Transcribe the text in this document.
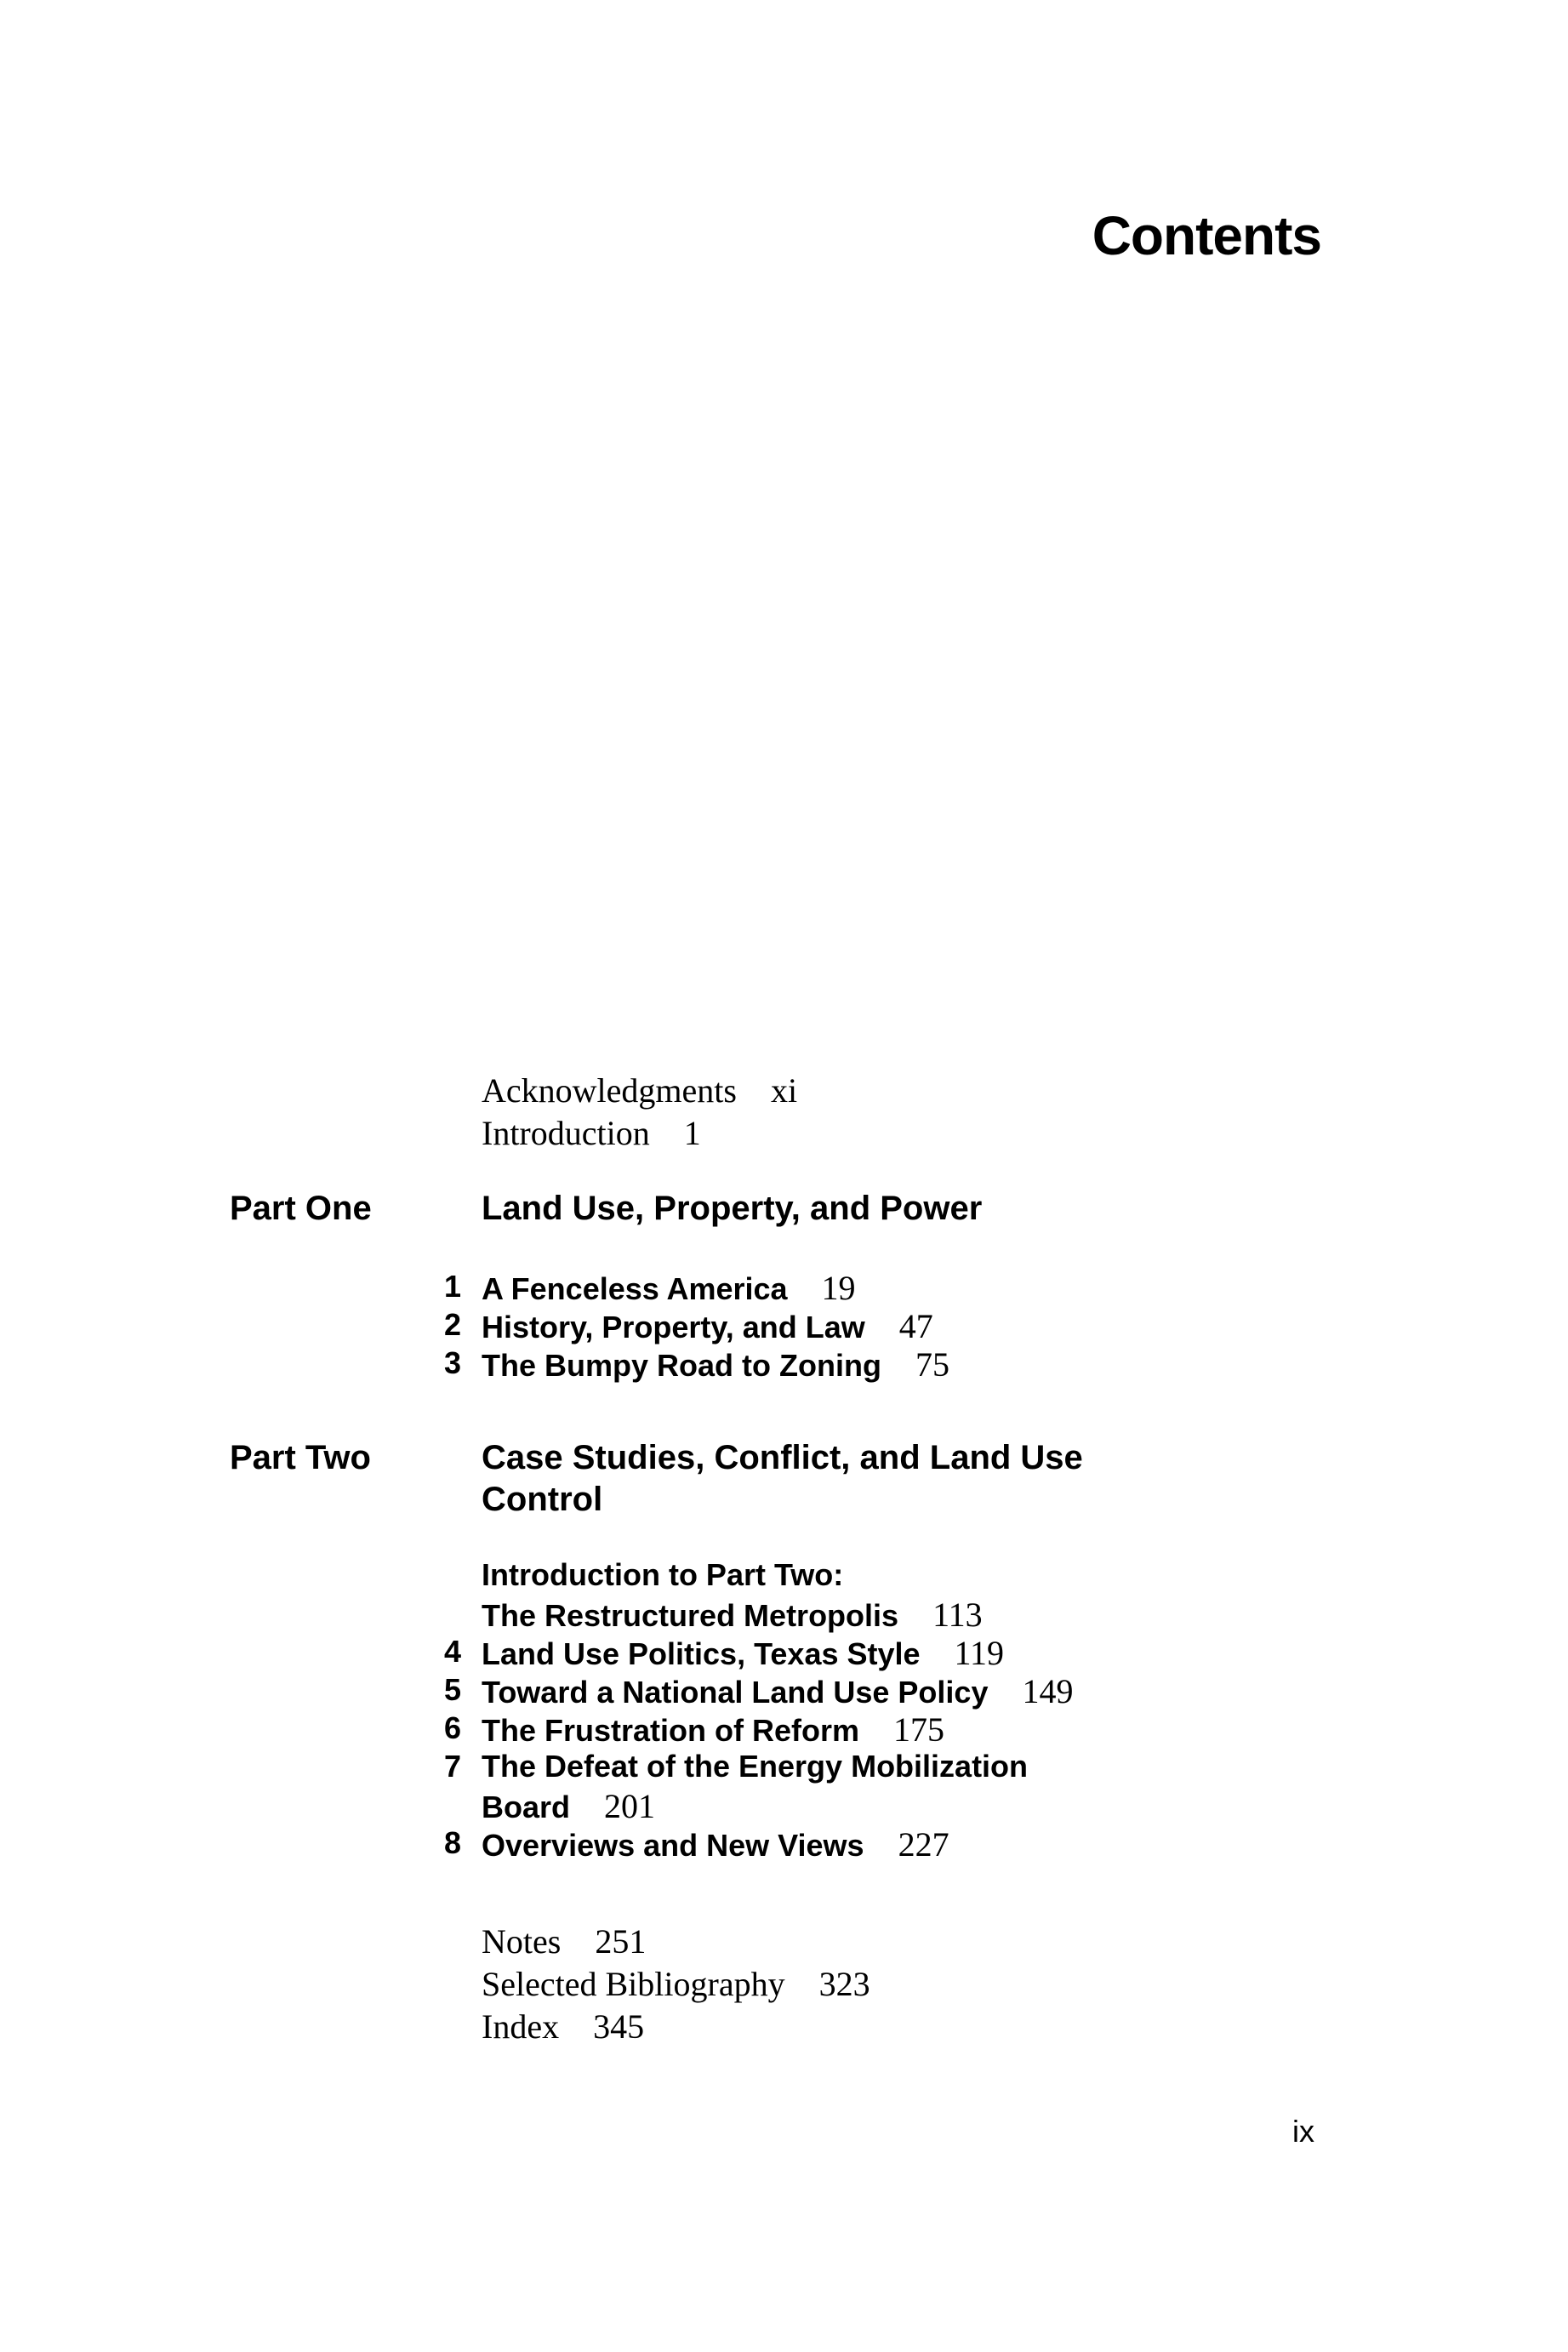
Contents
Acknowledgments xi
Introduction 1
Part One	Land Use, Property, and Power
1 A Fenceless America 19
2 History, Property, and Law 47
3 The Bumpy Road to Zoning 75
Part Two	Case Studies, Conflict, and Land Use
Control
Introduction to Part Two:
The Restructured Metropolis 113
4 Land Use Politics, Texas Style 119
5 Toward a National Land Use Policy 149
6 The Frustration of Reform 175
7 The Defeat of the Energy Mobilization
Board 201
8 Overviews and New Views 227
Notes 251
Selected Bibliography 323
Index 345
ix
